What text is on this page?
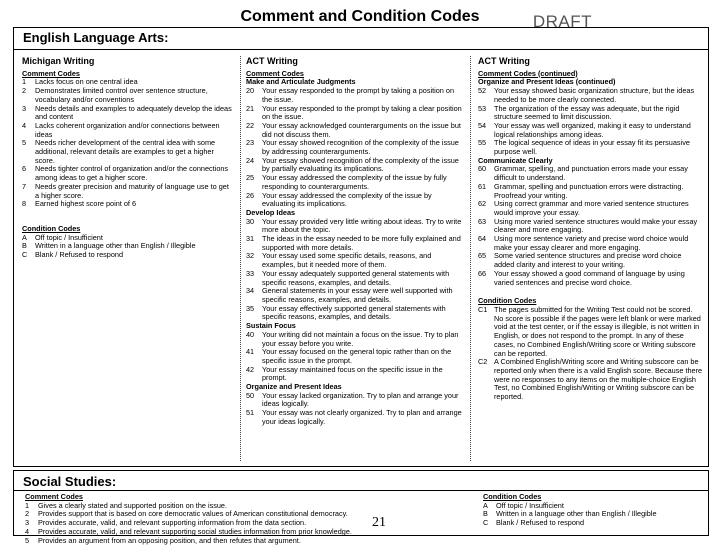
Comment and Condition Codes	DRAFT
English Language Arts:
Michigan Writing
Comment Codes
1	Lacks focus on one central idea
2	Demonstrates limited control over sentence structure, vocabulary and/or conventions
3	Needs details and examples to adequately develop the ideas and content
4	Lacks coherent organization and/or connections between ideas
5	Needs richer development of the central idea with some additional, relevant details are examples to get a higher score.
6	Needs tighter control of organization and/or the connections among ideas to get a higher score.
7	Needs greater precision and maturity of language use to get a higher score.
8	Earned highest score point of 6
Condition Codes
A	Off topic / Insufficient
B	Written in a language other than English / Illegible
C	Blank / Refused to respond
ACT Writing
Comment Codes
Make and Articulate Judgments
20	Your essay responded to the prompt by taking a position on the issue.
21	Your essay responded to the prompt by taking a clear position on the issue.
22	Your essay acknowledged counterarguments on the issue but did not discuss them.
23	Your essay showed recognition of the complexity of the issue by addressing counterarguments.
24	Your essay showed recognition of the complexity of the issue by partially evaluating its implications.
25	Your essay addressed the complexity of the issue by fully responding to counterarguments.
26	Your essay addressed the complexity of the issue by evaluating its implications.
Develop Ideas
30	Your essay provided very little writing about ideas. Try to write more about the topic.
31	The ideas in the essay needed to be more fully explained and supported with more details.
32	Your essay used some specific details, reasons, and examples, but it needed more of them.
33	Your essay adequately supported general statements with specific reasons, examples, and details.
34	General statements in your essay were well supported with specific reasons, examples, and details.
35	Your essay effectively supported general statements with specific reasons, examples, and details.
Sustain Focus
40	Your writing did not maintain a focus on the issue. Try to plan your essay before you write.
41	Your essay focused on the general topic rather than on the specific issue in the prompt.
42	Your essay maintained focus on the specific issue in the prompt.
Organize and Present Ideas
50	Your essay lacked organization. Try to plan and arrange your ideas logically.
51	Your essay was not clearly organized. Try to plan and arrange your ideas logically.
ACT Writing
Comment Codes (continued)
Organize and Present Ideas (continued)
52	Your essay showed basic organization structure, but the ideas needed to be more clearly connected.
53	The organization of the essay was adequate, but the rigid structure seemed to limit discussion.
54	Your essay was well organized, making it easy to understand logical relationships among ideas.
55	The logical sequence of ideas in your essay fit its persuasive purpose well.
Communicate Clearly
60	Grammar, spelling, and punctuation errors made your essay difficult to understand.
61	Grammar, spelling and punctuation errors were distracting. Proofread your writing.
62	Using correct grammar and more varied sentence structures would improve your essay.
63	Using more varied sentence structures would make your essay clearer and more engaging.
64	Using more sentence variety and precise word choice would make your essay clearer and more engaging.
65	Some varied sentence structures and precise word choice added clarity and interest to your writing.
66	Your essay showed a good command of language by using varied sentences and precise word choice.
Condition Codes
C1 The pages submitted for the Writing Test could not be scored. No score is possible if the pages were left blank or were marked void at the test center, or if the essay is illegible, is not written in English, or does not respond to the prompt. In any of these cases, no Combined English/Writing score or Writing subscore can be reported.
C2 A Combined English/Writing score and Writing subscore can be reported only when there is a valid English score. Because there were no responses to any items on the multiple-choice English Test, no Combined English/Writing or Writing subscore can be reported.
Social Studies:
Comment Codes
1	Gives a clearly stated and supported position on the issue.
2	Provides support that is based on core democratic values of American constitutional democracy.
3	Provides accurate, valid, and relevant supporting information from the data section.
4	Provides accurate, valid, and relevant supporting social studies information from prior knowledge.
5	Provides an argument from an opposing position, and then refutes that argument.
Condition Codes
A	Off topic / Insufficient
B	Written in a language other than English / Illegible
C	Blank / Refused to respond
21
